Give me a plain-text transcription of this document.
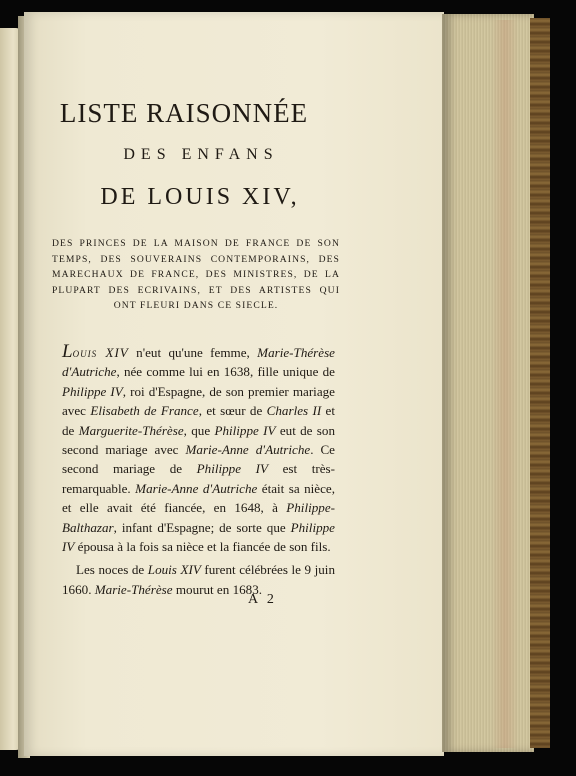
LISTE RAISONNÉE
DES ENFANS
DE LOUIS XIV,
DES PRINCES DE LA MAISON DE FRANCE DE SON TEMPS, DES SOUVERAINS CONTEMPORAINS, DES MARECHAUX DE FRANCE, DES MINISTRES, DE LA PLUPART DES ECRIVAINS, ET DES ARTISTES QUI ONT FLEURI DANS CE SIECLE.

Louis XIV n'eut qu'une femme, Marie-Thérèse d'Autriche, née comme lui en 1638, fille unique de Philippe IV, roi d'Espagne, de son premier mariage avec Elisabeth de France, et sœur de Charles II et de Marguerite-Thérèse, que Philippe IV eut de son second mariage avec Marie-Anne d'Autriche. Ce second mariage de Philippe IV est très-remarquable. Marie-Anne d'Autriche était sa nièce, et elle avait été fiancée, en 1648, à Philippe-Balthazar, infant d'Espagne; de sorte que Philippe IV épousa à la fois sa nièce et la fiancée de son fils.

Les noces de Louis XIV furent célébrées le 9 juin 1660. Marie-Thérèse mourut en 1683.

A 2
